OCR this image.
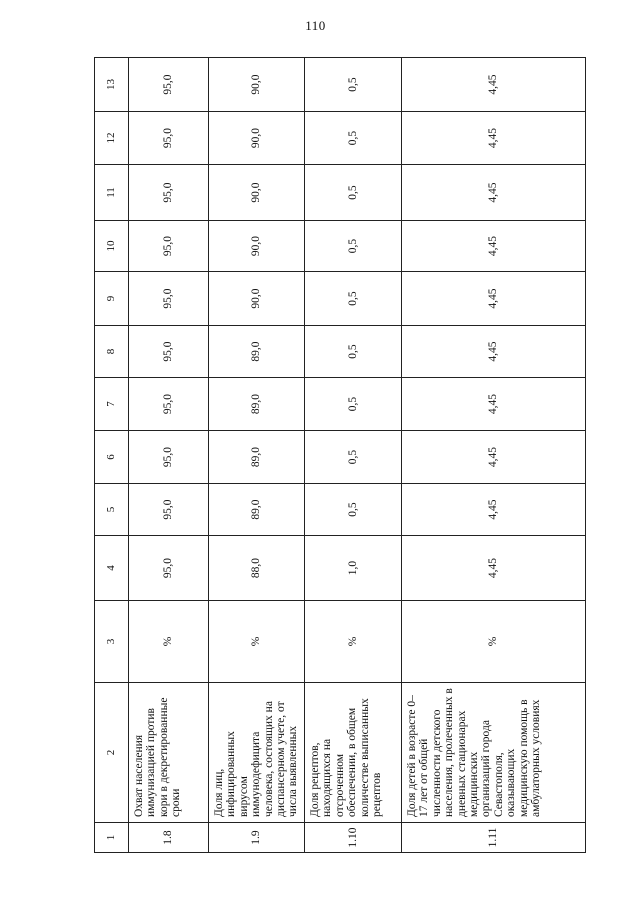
110
1	2	3	4	5	6	7	8	9	10	11	12	13
1.8	Охват населения иммунизацией против кори в декретированные сроки	%	95,0	95,0	95,0	95,0	95,0	95,0	95,0	95,0	95,0	95,0
1.9	Доля лиц, инфицированных вирусом иммунодефицита человека, состоящих на диспансерном учете, от числа выявленных	%	88,0	89,0	89,0	89,0	89,0	90,0	90,0	90,0	90,0	90,0
1.10	Доля рецептов, находящихся на отсроченном обеспечении, в общем количестве выписанных рецептов	%	1,0	0,5	0,5	0,5	0,5	0,5	0,5	0,5	0,5	0,5
1.11	Доля детей в возрасте 0–17 лет от общей численности детского населения, пролеченных в дневных стационарах медицинских организаций города Севастополя, оказывающих медицинскую помощь в амбулаторных условиях	%	4,45	4,45	4,45	4,45	4,45	4,45	4,45	4,45	4,45	4,45
